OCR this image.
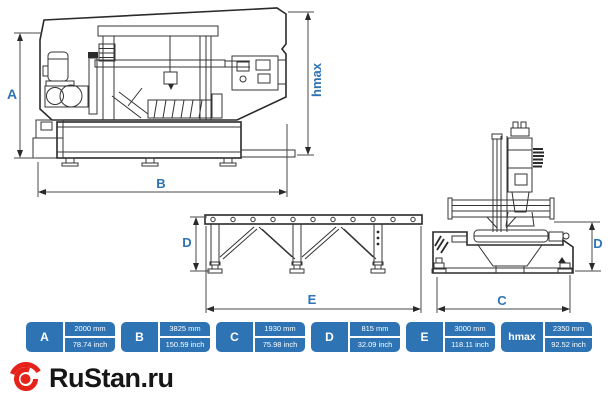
A
B
hmax
D
E
D
C
A
2000 mm
78.74 inch
B
3825 mm
150.59 inch
C
1930 mm
75.98 inch
D
815 mm
32.09 inch
E
3000 mm
118.11 inch
hmax
2350 mm
92.52 inch
RuStan.ru
